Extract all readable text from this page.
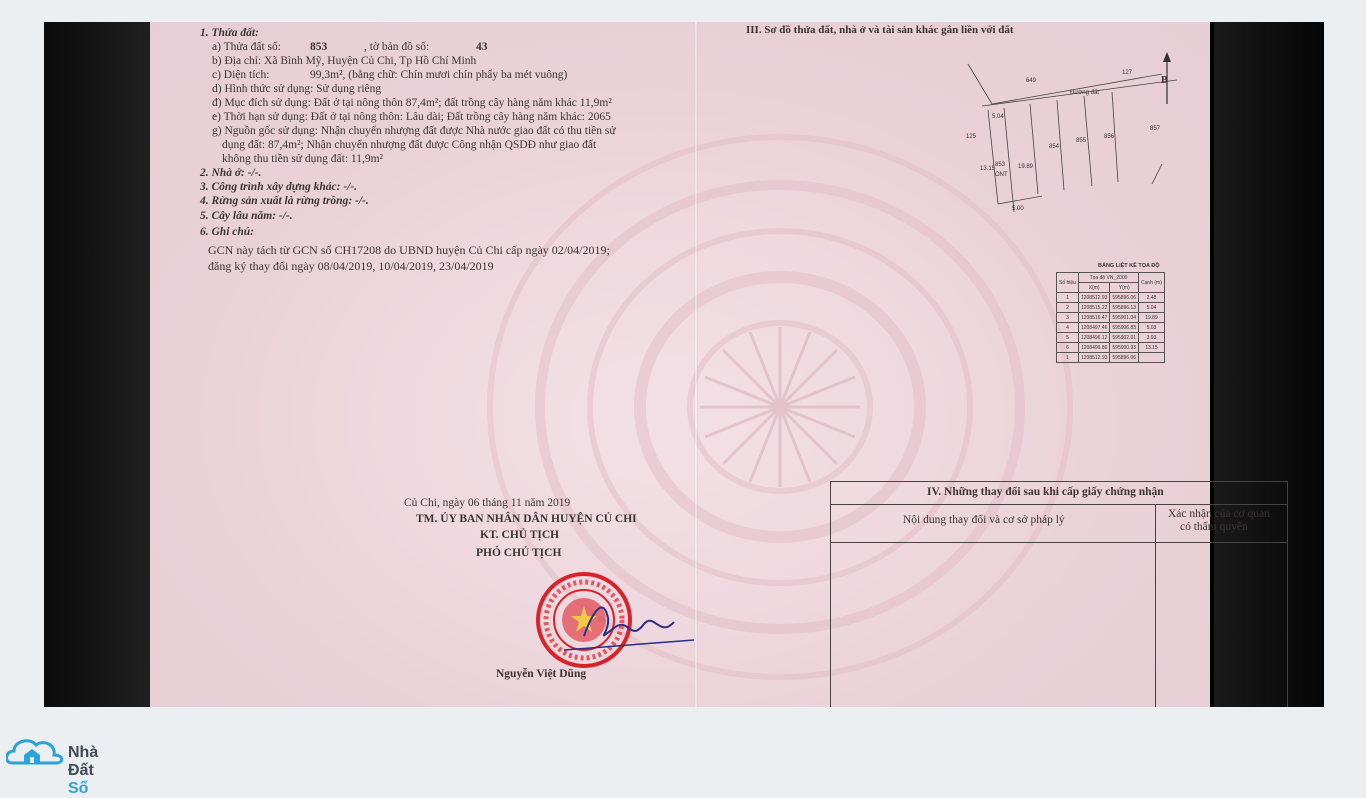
1. Thửa đất:
a) Thửa đất số:	853	, tờ bản đồ số:	43
b) Địa chỉ: Xã Bình Mỹ, Huyện Củ Chi, Tp Hồ Chí Minh
c) Diện tích:	99,3m², (bằng chữ: Chín mươi chín phẩy ba mét vuông)
d) Hình thức sử dụng: Sử dụng riêng
đ) Mục đích sử dụng: Đất ở tại nông thôn 87,4m²; đất trồng cây hàng năm khác 11,9m²
e) Thời hạn sử dụng: Đất ở tại nông thôn: Lâu dài; Đất trồng cây hàng năm khác: 2065
g) Nguồn gốc sử dụng: Nhận chuyển nhượng đất được Nhà nước giao đất có thu tiền sử
dụng đất: 87,4m²; Nhận chuyển nhượng đất được Công nhận QSDĐ như giao đất
không thu tiền sử dụng đất: 11,9m²
2. Nhà ở: -/-.
3. Công trình xây dựng khác: -/-.
4. Rừng sản xuất là rừng trồng: -/-.
5. Cây lâu năm: -/-.
6. Ghi chú:
GCN này tách từ GCN số CH17208 do UBND huyện Củ Chi cấp ngày 02/04/2019;
đăng ký thay đổi ngày 08/04/2019, 10/04/2019, 23/04/2019
Củ Chi, ngày 06 tháng 11 năm 2019
TM. ỦY BAN NHÂN DÂN HUYỆN CỦ CHI
KT. CHỦ TỊCH
PHÓ CHỦ TỊCH
Nguyễn Việt Dũng
III. Sơ đồ thửa đất, nhà ở và tài sản khác gắn liền với đất
649
127
853
854
855
856
857
125
Đường đất
5.04
19.89
5.00
13.15
ONT
B
BẢNG LIỆT KÊ TỌA ĐỘ
Số hiệu	Tọa độ VN_2000		Cạnh (m)
	X(m)	Y(m)	
1	1208512.93	595896.06	2.48
2	1208515.22	595896.13	5.04
3	1208516.47	595901.04	19.89
4	1208497.46	595906.83	5.03
5	1208496.12	595902.01	3.93
6	1208499.80	595900.93	13.15
1	1208512.93	595896.06	
IV. Những thay đổi sau khi cấp giấy chứng nhận
Nội dung thay đổi và cơ sở pháp lý	Xác nhận của cơ quan
có thẩm quyền
Nhà Đất Số
